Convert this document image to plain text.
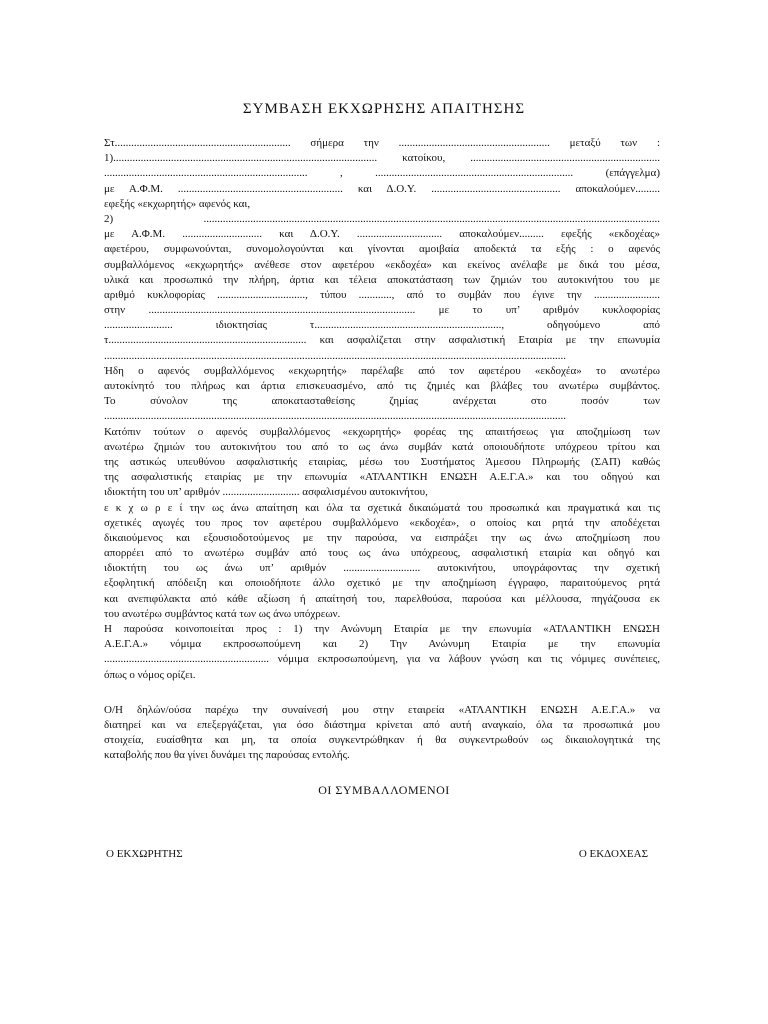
ΣΥΜΒΑΣΗ ΕΚΧΩΡΗΣΗΣ ΑΠΑΙΤΗΣΗΣ
Στ................................................................ σήμερα την ....................................................... μεταξύ των :
1)................................................................................................ κατοίκου, .....................................................................
.......................................................................... , ........................................................................ (επάγγελμα)
με Α.Φ.Μ. ............................................................ και Δ.Ο.Υ. ............................................... αποκαλούμεν.........
εφεξής «εκχωρητής» αφενός και,
2) ......................................................................................................................................................................
με Α.Φ.Μ. ............................. και Δ.Ο.Υ. ............................... αποκαλούμεν......... εφεξής «εκδοχέας»
αφετέρου, συμφωνούνται, συνομολογούνται και γίνονται αμοιβαία αποδεκτά τα εξής : ο αφενός
συμβαλλόμενος «εκχωρητής» ανέθεσε στον αφετέρου «εκδοχέα» και εκείνος ανέλαβε με δικά του μέσα,
υλικά και προσωπικό την πλήρη, άρτια και τέλεια αποκατάσταση των ζημιών του αυτοκινήτου του με
αριθμό κυκλοφορίας ................................, τύπου ............, από το συμβάν που έγινε την ........................
στην ................................................................................................. με το υπ’ αριθμόν κυκλοφορίας
......................... ιδιοκτησίας τ...................................................................., οδηγούμενο από
τ........................................................................ και ασφαλίζεται στην ασφαλιστική Εταιρία με την επωνυμία
........................................................................................................................................................................
Ήδη ο αφενός συμβαλλόμενος «εκχωρητής» παρέλαβε από τον αφετέρου «εκδοχέα» το ανωτέρω
αυτοκίνητό του πλήρως και άρτια επισκευασμένο, από τις ζημιές και βλάβες του ανωτέρω συμβάντος.
Το σύνολον της αποκατασταθείσης ζημίας ανέρχεται στο ποσόν των
........................................................................................................................................................................
Κατόπιν τούτων ο αφενός συμβαλλόμενος «εκχωρητής» φορέας της απαιτήσεως για αποζημίωση των
ανωτέρω ζημιών του αυτοκινήτου του από το ως άνω συμβάν κατά οποιουδήποτε υπόχρεου τρίτου και
της αστικώς υπευθύνου ασφαλιστικής εταιρίας, μέσω του Συστήματος Άμεσου Πληρωμής (ΣΑΠ) καθώς
της ασφαλιστικής εταιρίας με την επωνυμία «ΑΤΛΑΝΤΙΚΗ ΕΝΩΣΗ Α.Ε.Γ.Α.» και του οδηγού και
ιδιοκτήτη του υπ’ αριθμόν ............................ ασφαλισμένου αυτοκινήτου,
ε κ χ ω ρ ε ί την ως άνω απαίτηση και όλα τα σχετικά δικαιώματά του προσωπικά και πραγματικά και τις
σχετικές αγωγές του προς τον αφετέρου συμβαλλόμενο «εκδοχέα», ο οποίος και ρητά την αποδέχεται
δικαιούμενος και εξουσιοδοτούμενος με την παρούσα, να εισπράξει την ως άνω αποζημίωση που
απορρέει από το ανωτέρω συμβάν από τους ως άνω υπόχρεους, ασφαλιστική εταιρία και οδηγό και
ιδιοκτήτη του ως άνω υπ’ αριθμόν ............................ αυτοκινήτου, υπογράφοντας την σχετική
εξοφλητική απόδειξη και οποιοδήποτε άλλο σχετικό με την αποζημίωση έγγραφο, παραιτούμενος ρητά
και ανεπιφύλακτα από κάθε αξίωση ή απαίτησή του, παρελθούσα, παρούσα και μέλλουσα, πηγάζουσα εκ
του ανωτέρω συμβάντος κατά των ως άνω υπόχρεων.
Η παρούσα κοινοποιείται προς : 1) την Ανώνυμη Εταιρία με την επωνυμία «ΑΤΛΑΝΤΙΚΗ ΕΝΩΣΗ
Α.Ε.Γ.Α.» νόμιμα εκπροσωπούμενη και 2) Την Ανώνυμη Εταιρία με την επωνυμία
............................................................ νόμιμα εκπροσωπούμενη, για να λάβουν γνώση και τις νόμιμες συνέπειες,
όπως ο νόμος ορίζει.
Ο/Η δηλών/ούσα παρέχω την συναίνεσή μου στην εταιρεία «ΑΤΛΑΝΤΙΚΗ ΕΝΩΣΗ Α.Ε.Γ.Α.» να
διατηρεί και να επεξεργάζεται, για όσο διάστημα κρίνεται από αυτή αναγκαίο, όλα τα προσωπικά μου
στοιχεία, ευαίσθητα και μη, τα οποία συγκεντρώθηκαν ή θα συγκεντρωθούν ως δικαιολογητικά της
καταβολής που θα γίνει δυνάμει της παρούσας εντολής.
ΟΙ ΣΥΜΒΑΛΛΟΜΕΝΟΙ
Ο ΕΚΧΩΡΗΤΗΣ	Ο ΕΚΔΟΧΕΑΣ
